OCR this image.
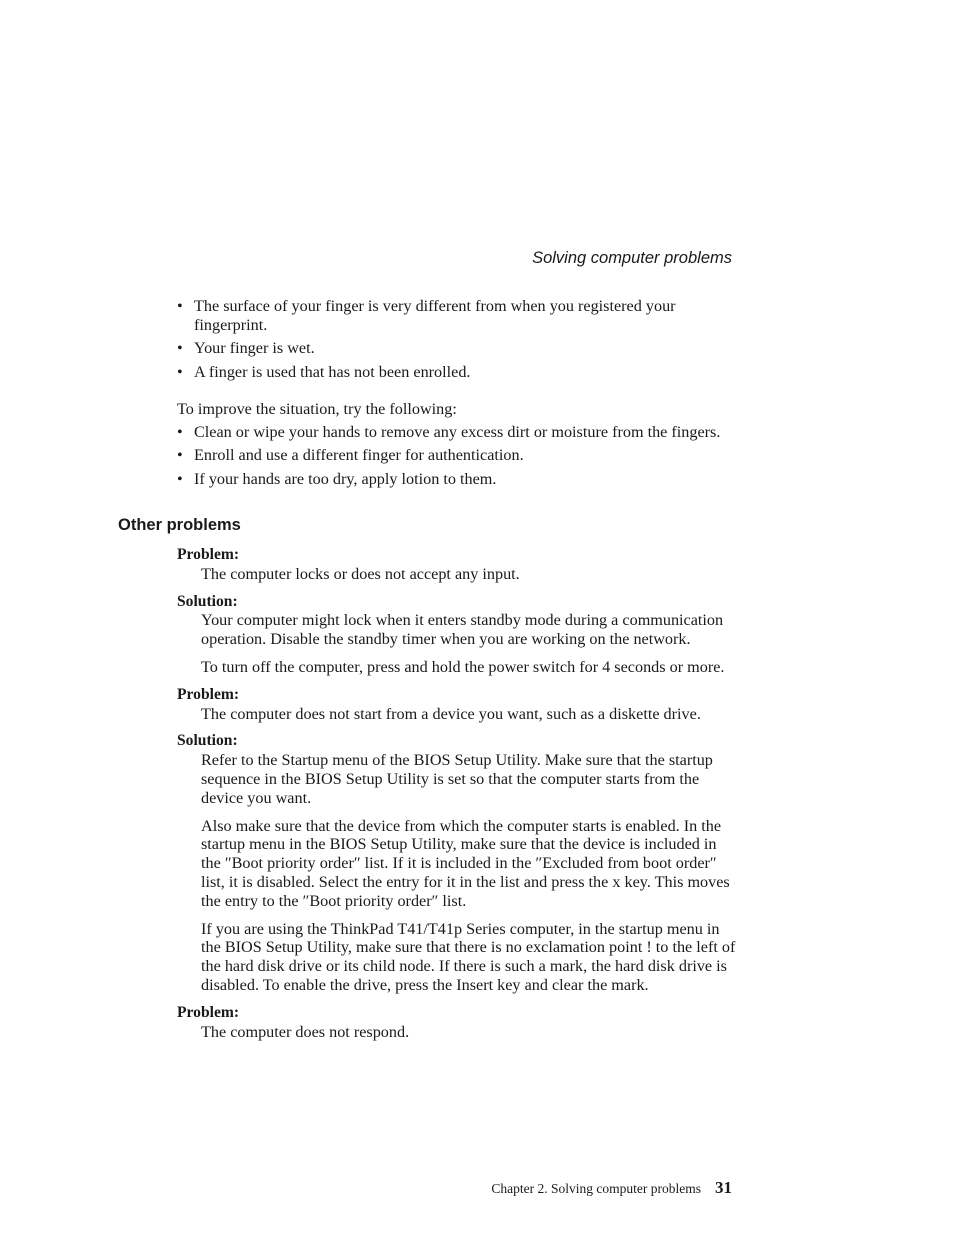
Solving computer problems
• The surface of your finger is very different from when you registered your fingerprint.
• Your finger is wet.
• A finger is used that has not been enrolled.

To improve the situation, try the following:

• Clean or wipe your hands to remove any excess dirt or moisture from the fingers.
• Enroll and use a different finger for authentication.
• If your hands are too dry, apply lotion to them.
Other problems

Problem:

The computer locks or does not accept any input.

Solution:

Your computer might lock when it enters standby mode during a communication operation. Disable the standby timer when you are working on the network.

To turn off the computer, press and hold the power switch for 4 seconds or more.

Problem:

The computer does not start from a device you want, such as a diskette drive.

Solution:

Refer to the Startup menu of the BIOS Setup Utility. Make sure that the startup sequence in the BIOS Setup Utility is set so that the computer starts from the device you want.

Also make sure that the device from which the computer starts is enabled. In the startup menu in the BIOS Setup Utility, make sure that the device is included in the ″Boot priority order″ list. If it is included in the ″Excluded from boot order″ list, it is disabled. Select the entry for it in the list and press the x key. This moves the entry to the ″Boot priority order″ list.

If you are using the ThinkPad T41/T41p Series computer, in the startup menu in the BIOS Setup Utility, make sure that there is no exclamation point ! to the left of the hard disk drive or its child node. If there is such a mark, the hard disk drive is disabled. To enable the drive, press the Insert key and clear the mark.

Problem:

The computer does not respond.

Chapter 2. Solving computer problems 31
